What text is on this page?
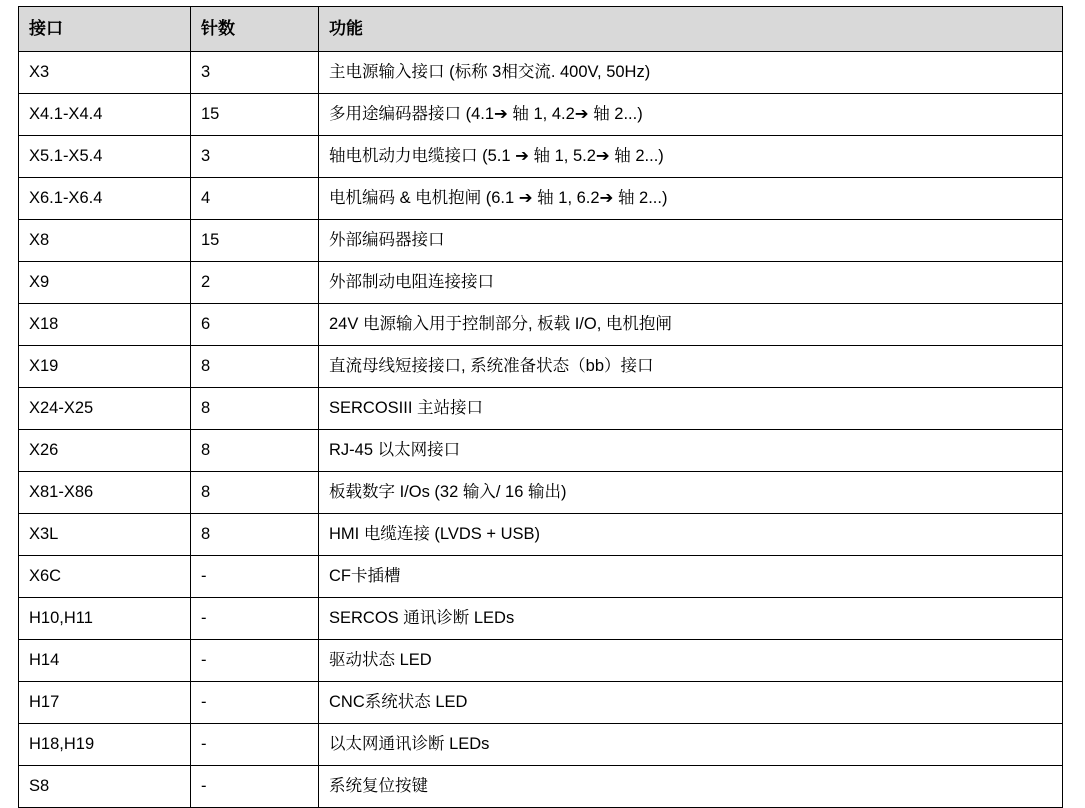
接口	针数	功能
X3	3	主电源输入接口 (标称 3相交流. 400V, 50Hz)
X4.1-X4.4	15	多用途编码器接口 (4.1➔ 轴 1, 4.2➔ 轴 2...)
X5.1-X5.4	3	轴电机动力电缆接口 (5.1 ➔ 轴 1, 5.2➔ 轴 2...)
X6.1-X6.4	4	电机编码 & 电机抱闸 (6.1 ➔ 轴 1, 6.2➔ 轴 2...)
X8	15	外部编码器接口
X9	2	外部制动电阻连接接口
X18	6	24V 电源输入用于控制部分, 板载 I/O, 电机抱闸
X19	8	直流母线短接接口, 系统准备状态（bb）接口
X24-X25	8	SERCOSIII 主站接口
X26	8	RJ-45 以太网接口
X81-X86	8	板载数字 I/Os (32 输入/ 16 输出)
X3L	8	HMI 电缆连接 (LVDS + USB)
X6C	-	CF卡插槽
H10,H11	-	SERCOS 通讯诊断 LEDs
H14	-	驱动状态 LED
H17	-	CNC系统状态 LED
H18,H19	-	以太网通讯诊断 LEDs
S8	-	系统复位按键
